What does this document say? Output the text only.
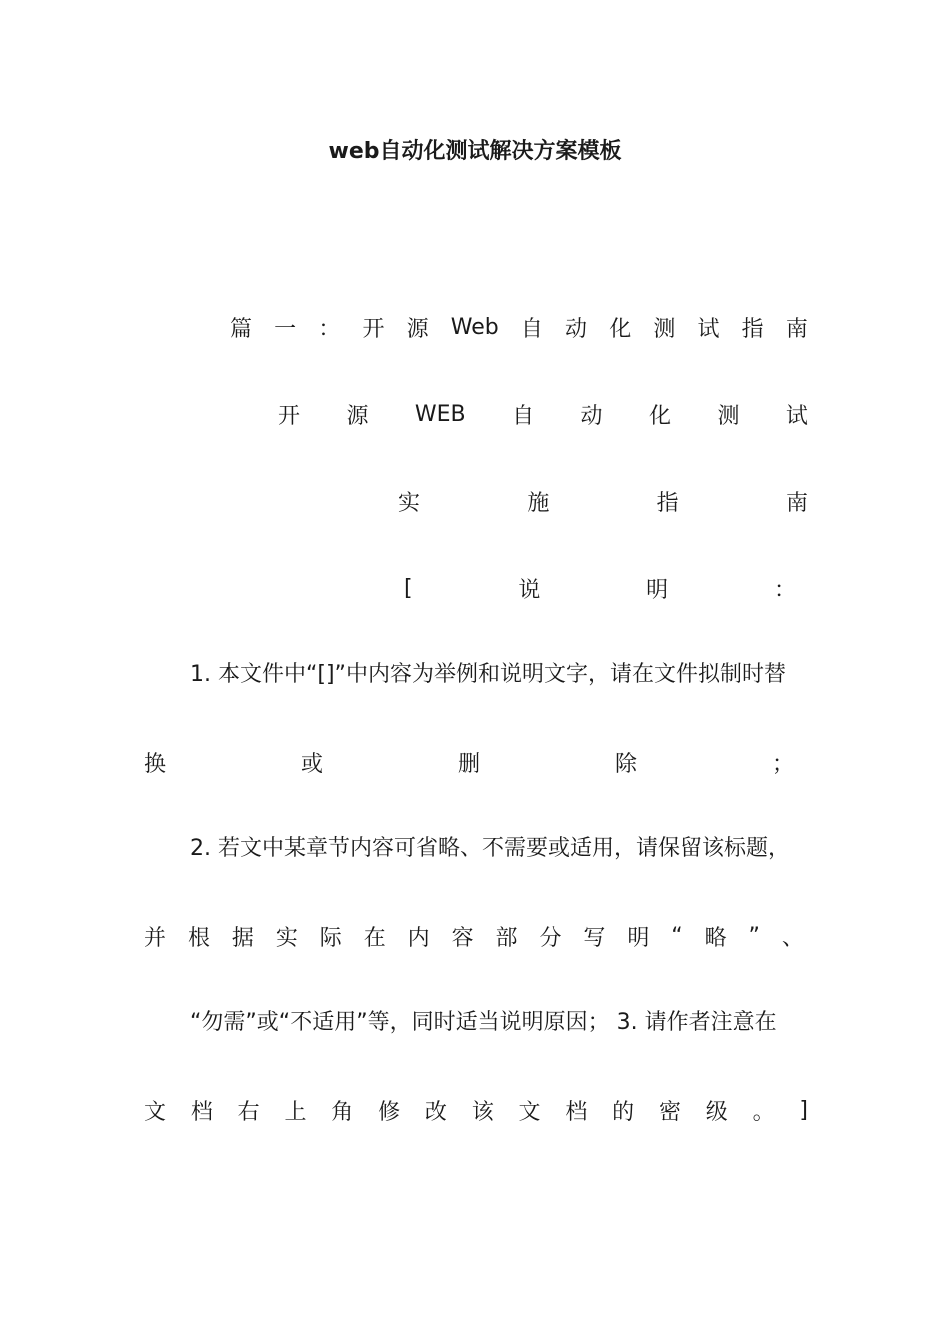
web自动化测试解决方案模板
篇 一 ： 开 源 Web 自 动 化 测 试 指 南
开 源 WEB 自 动 化 测 试
实	施	指	南
[	说	明	：
1. 本文件中“[]”中内容为举例和说明文字，请在文件拟制时替
换	或	删	除	；
2. 若文中某章节内容可省略、不需要或适用，请保留该标题，
并 根 据 实 际 在 内 容 部 分 写 明 “ 略 ” 、
“勿需”或“不适用”等，同时适当说明原因； 3. 请作者注意在
文 档 右 上 角 修 改 该 文 档 的 密 级 。 ]
